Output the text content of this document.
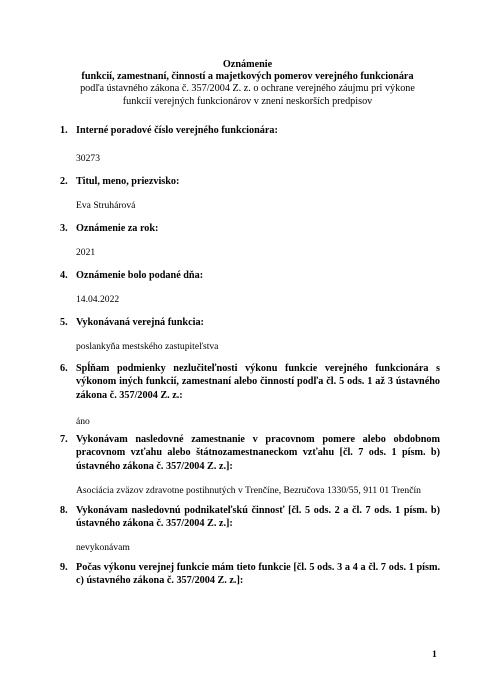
Oznámenie
funkcií, zamestnaní, činností a majetkových pomerov verejného funkcionára
podľa ústavného zákona č. 357/2004 Z. z. o ochrane verejného záujmu pri výkone
funkcií verejných funkcionárov v znení neskorších predpisov
1. Interné poradové číslo verejného funkcionára:
30273
2. Titul, meno, priezvisko:
Eva Struhárová
3. Oznámenie za rok:
2021
4. Oznámenie bolo podané dňa:
14.04.2022
5. Vykonávaná verejná funkcia:
poslankyňa mestského zastupiteľstva
6. Spĺňam podmienky nezlučiteľnosti výkonu funkcie verejného funkcionára s výkonom iných funkcií, zamestnaní alebo činností podľa čl. 5 ods. 1 až 3 ústavného zákona č. 357/2004 Z. z.:
áno
7. Vykonávam nasledovné zamestnanie v pracovnom pomere alebo obdobnom pracovnom vzťahu alebo štátnozamestnaneckom vzťahu [čl. 7 ods. 1 písm. b) ústavného zákona č. 357/2004 Z. z.]:
Asociácia zväzov zdravotne postihnutých v Trenčíne, Bezručova 1330/55, 911 01 Trenčín
8. Vykonávam nasledovnú podnikateľskú činnosť [čl. 5 ods. 2 a čl. 7 ods. 1 písm. b) ústavného zákona č. 357/2004 Z. z.]:
nevykonávam
9. Počas výkonu verejnej funkcie mám tieto funkcie [čl. 5 ods. 3 a 4 a čl. 7 ods. 1 písm. c) ústavného zákona č. 357/2004 Z. z.]:
1
